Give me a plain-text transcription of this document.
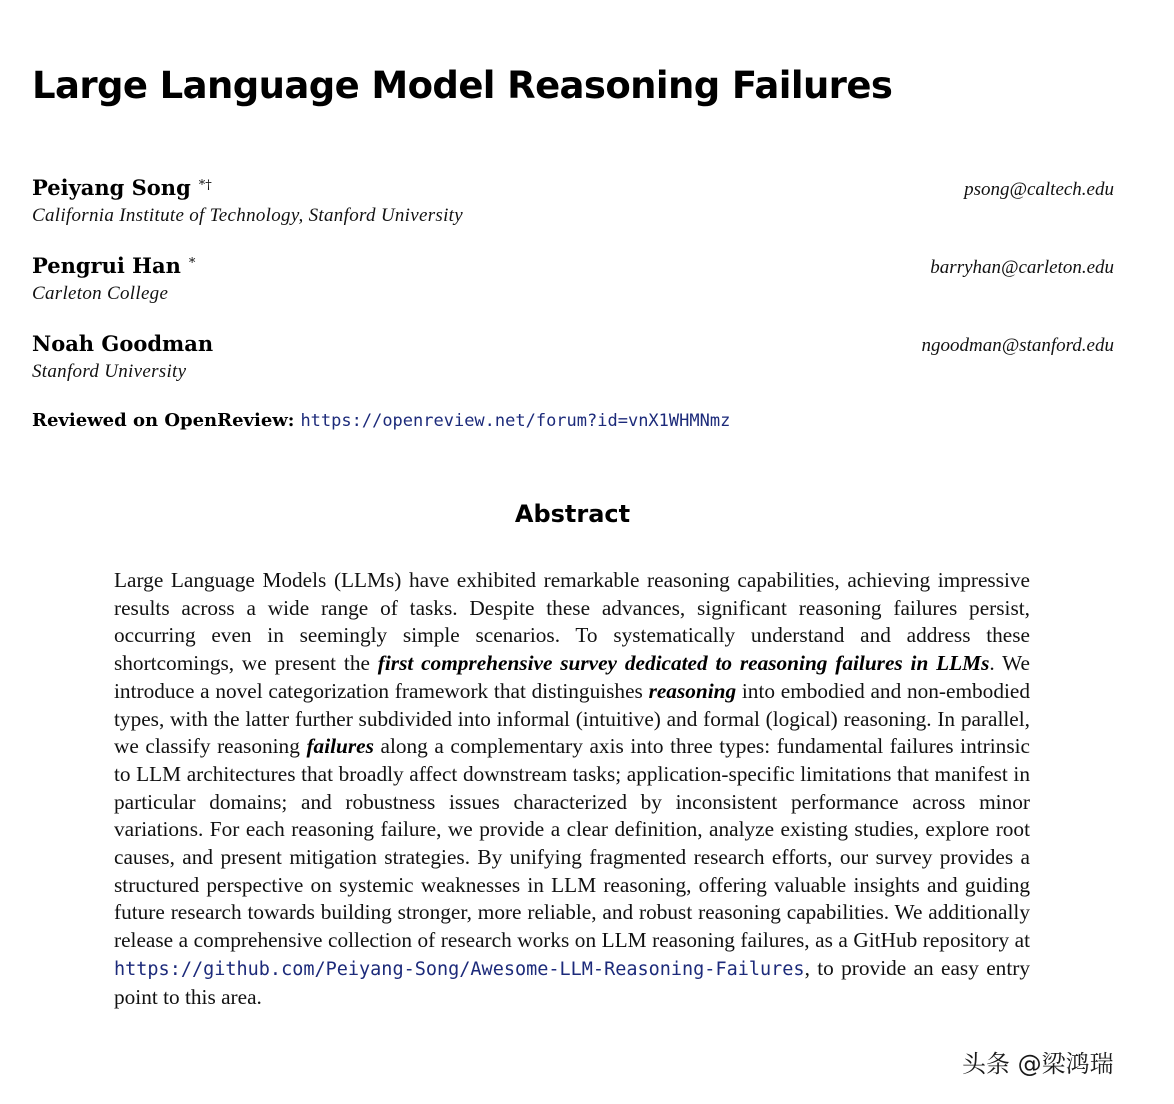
Large Language Model Reasoning Failures
Peiyang Song *†	psong@caltech.edu
California Institute of Technology, Stanford University
Pengrui Han *	barryhan@carleton.edu
Carleton College
Noah Goodman	ngoodman@stanford.edu
Stanford University
Reviewed on OpenReview: https://openreview.net/forum?id=vnX1WHMNmz
Abstract

Large Language Models (LLMs) have exhibited remarkable reasoning capabilities, achieving impressive results across a wide range of tasks. Despite these advances, significant reasoning failures persist, occurring even in seemingly simple scenarios. To systematically understand and address these shortcomings, we present the first comprehensive survey dedicated to reasoning failures in LLMs. We introduce a novel categorization framework that distinguishes reasoning into embodied and non-embodied types, with the latter further subdivided into informal (intuitive) and formal (logical) reasoning. In parallel, we classify reasoning failures along a complementary axis into three types: fundamental failures intrinsic to LLM architectures that broadly affect downstream tasks; application-specific limitations that manifest in particular domains; and robustness issues characterized by inconsistent performance across minor variations. For each reasoning failure, we provide a clear definition, analyze existing studies, explore root causes, and present mitigation strategies. By unifying fragmented research efforts, our survey provides a structured perspective on systemic weaknesses in LLM reasoning, offering valuable insights and guiding future research towards building stronger, more reliable, and robust reasoning capabilities. We additionally release a comprehensive collection of research works on LLM reasoning failures, as a GitHub repository at https://github.com/Peiyang-Song/Awesome-LLM-Reasoning-Failures, to provide an easy entry point to this area.

头条 @梁鸿瑞
